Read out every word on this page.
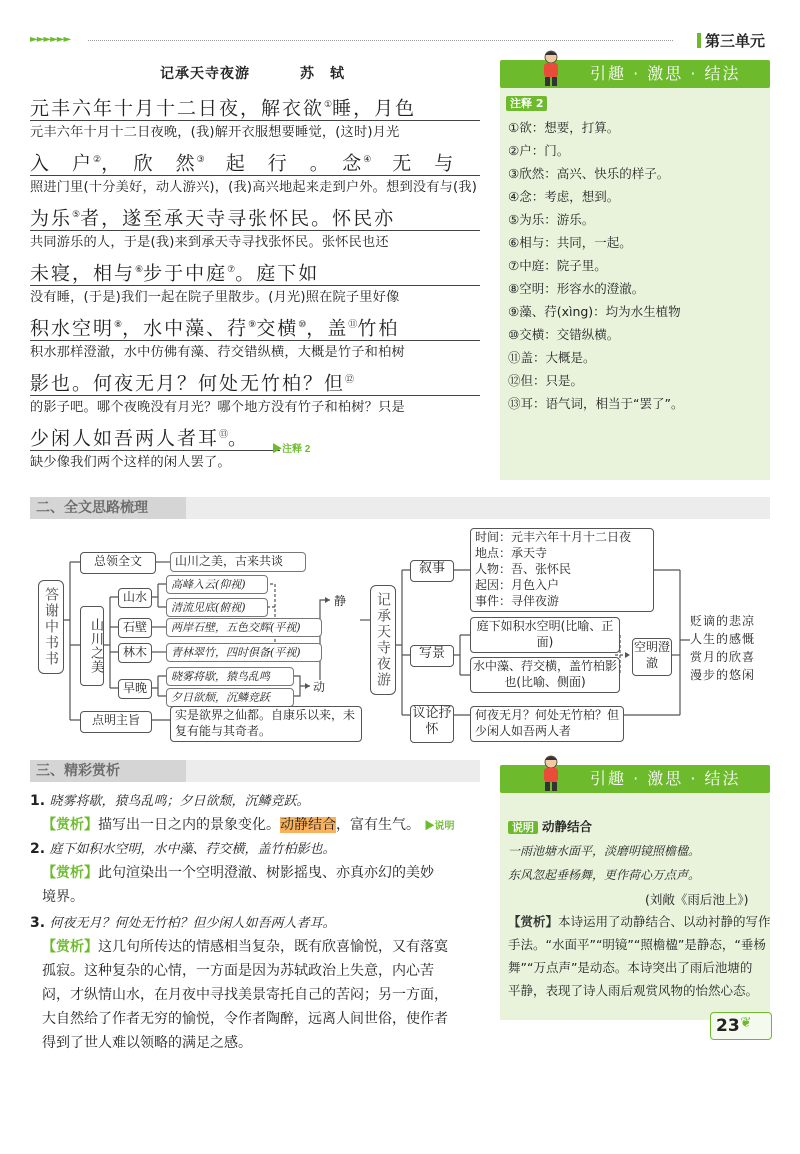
►►►►►►	第三单元
记承天寺夜游	苏　轼
元丰六年十月十二日夜，解衣欲①睡，月色
元丰六年十月十二日夜晚，(我)解开衣服想要睡觉，(这时)月光
入　户②，　欣　然③　起　行　。　念④　无　与
照进门里(十分美好，动人游兴)，(我)高兴地起来走到户外。想到没有与(我)
为乐⑤者，遂至承天寺寻张怀民。怀民亦
共同游乐的人，于是(我)来到承天寺寻找张怀民。张怀民也还
未寝，相与⑥步于中庭⑦。庭下如
没有睡，(于是)我们一起在院子里散步。(月光)照在院子里好像
积水空明⑧，水中藻、荇⑨交横⑩，盖⑪竹柏
积水那样澄澈，水中仿佛有藻、荇交错纵横，大概是竹子和柏树
影也。何夜无月？何处无竹柏？但⑫
的影子吧。哪个夜晚没有月光？哪个地方没有竹子和柏树？只是
少闲人如吾两人者耳⑬。
▶注释 2
缺少像我们两个这样的闲人罢了。
引趣 · 激思 · 结法
注释 2
①欲：想要，打算。
②户：门。
③欣然：高兴、快乐的样子。
④念：考虑，想到。
⑤为乐：游乐。
⑥相与：共同，一起。
⑦中庭：院子里。
⑧空明：形容水的澄澈。
⑨藻、荇(xìng)：均为水生植物
⑩交横：交错纵横。
⑪盖：大概是。
⑫但：只是。
⑬耳：语气词，相当于“罢了”。
二、全文思路梳理
答谢中书书
总领全文	山川之美，古来共谈
山川之美
山水
高峰入云(仰视)
清流见底(俯视)
石壁	两岸石壁，五色交辉(平视)
林木	青林翠竹，四时俱备(平视)
早晚
晓雾将歇，猿鸟乱鸣
夕日欲颓，沉鳞竞跃
静
动
点明主旨	实是欲界之仙都。自康乐以来，未复有能与其奇者。
记承天寺夜游
叙事
时间：元丰六年十月十二日夜
地点：承天寺
人物：吾、张怀民
起因：月色入户
事件：寻伴夜游
写景
庭下如积水空明(比喻、正面)
水中藻、荇交横，盖竹柏影也(比喻、侧面)
空明澄澈
议论抒怀
何夜无月？何处无竹柏？但少闲人如吾两人者
贬谪的悲凉人生的感慨赏月的欣喜漫步的悠闲
三、精彩赏析
1. 晓雾将歇，猿鸟乱鸣；夕日欲颓，沉鳞竞跃。
【赏析】描写出一日之内的景象变化。动静结合，富有生气。 ▶说明
2. 庭下如积水空明，水中藻、荇交横，盖竹柏影也。
【赏析】此句渲染出一个空明澄澈、树影摇曳、亦真亦幻的美妙
境界。
3. 何夜无月？何处无竹柏？但少闲人如吾两人者耳。
【赏析】这几句所传达的情感相当复杂，既有欣喜愉悦，又有落寞
孤寂。这种复杂的心情，一方面是因为苏轼政治上失意，内心苦
闷，才纵情山水，在月夜中寻找美景寄托自己的苦闷；另一方面，
大自然给了作者无穷的愉悦，令作者陶醉，远离人间世俗，使作者
得到了世人难以领略的满足之感。
引趣 · 激思 · 结法
说明 动静结合
一雨池塘水面平，淡磨明镜照檐楹。
东风忽起垂杨舞，更作荷心万点声。
(刘敞《雨后池上》)
【赏析】本诗运用了动静结合、以动衬静的写作
手法。“水面平”“明镜”“照檐楹”是静态，“垂杨
舞”“万点声”是动态。本诗突出了雨后池塘的
平静，表现了诗人雨后观赏风物的怡然心态。
23 ❦
